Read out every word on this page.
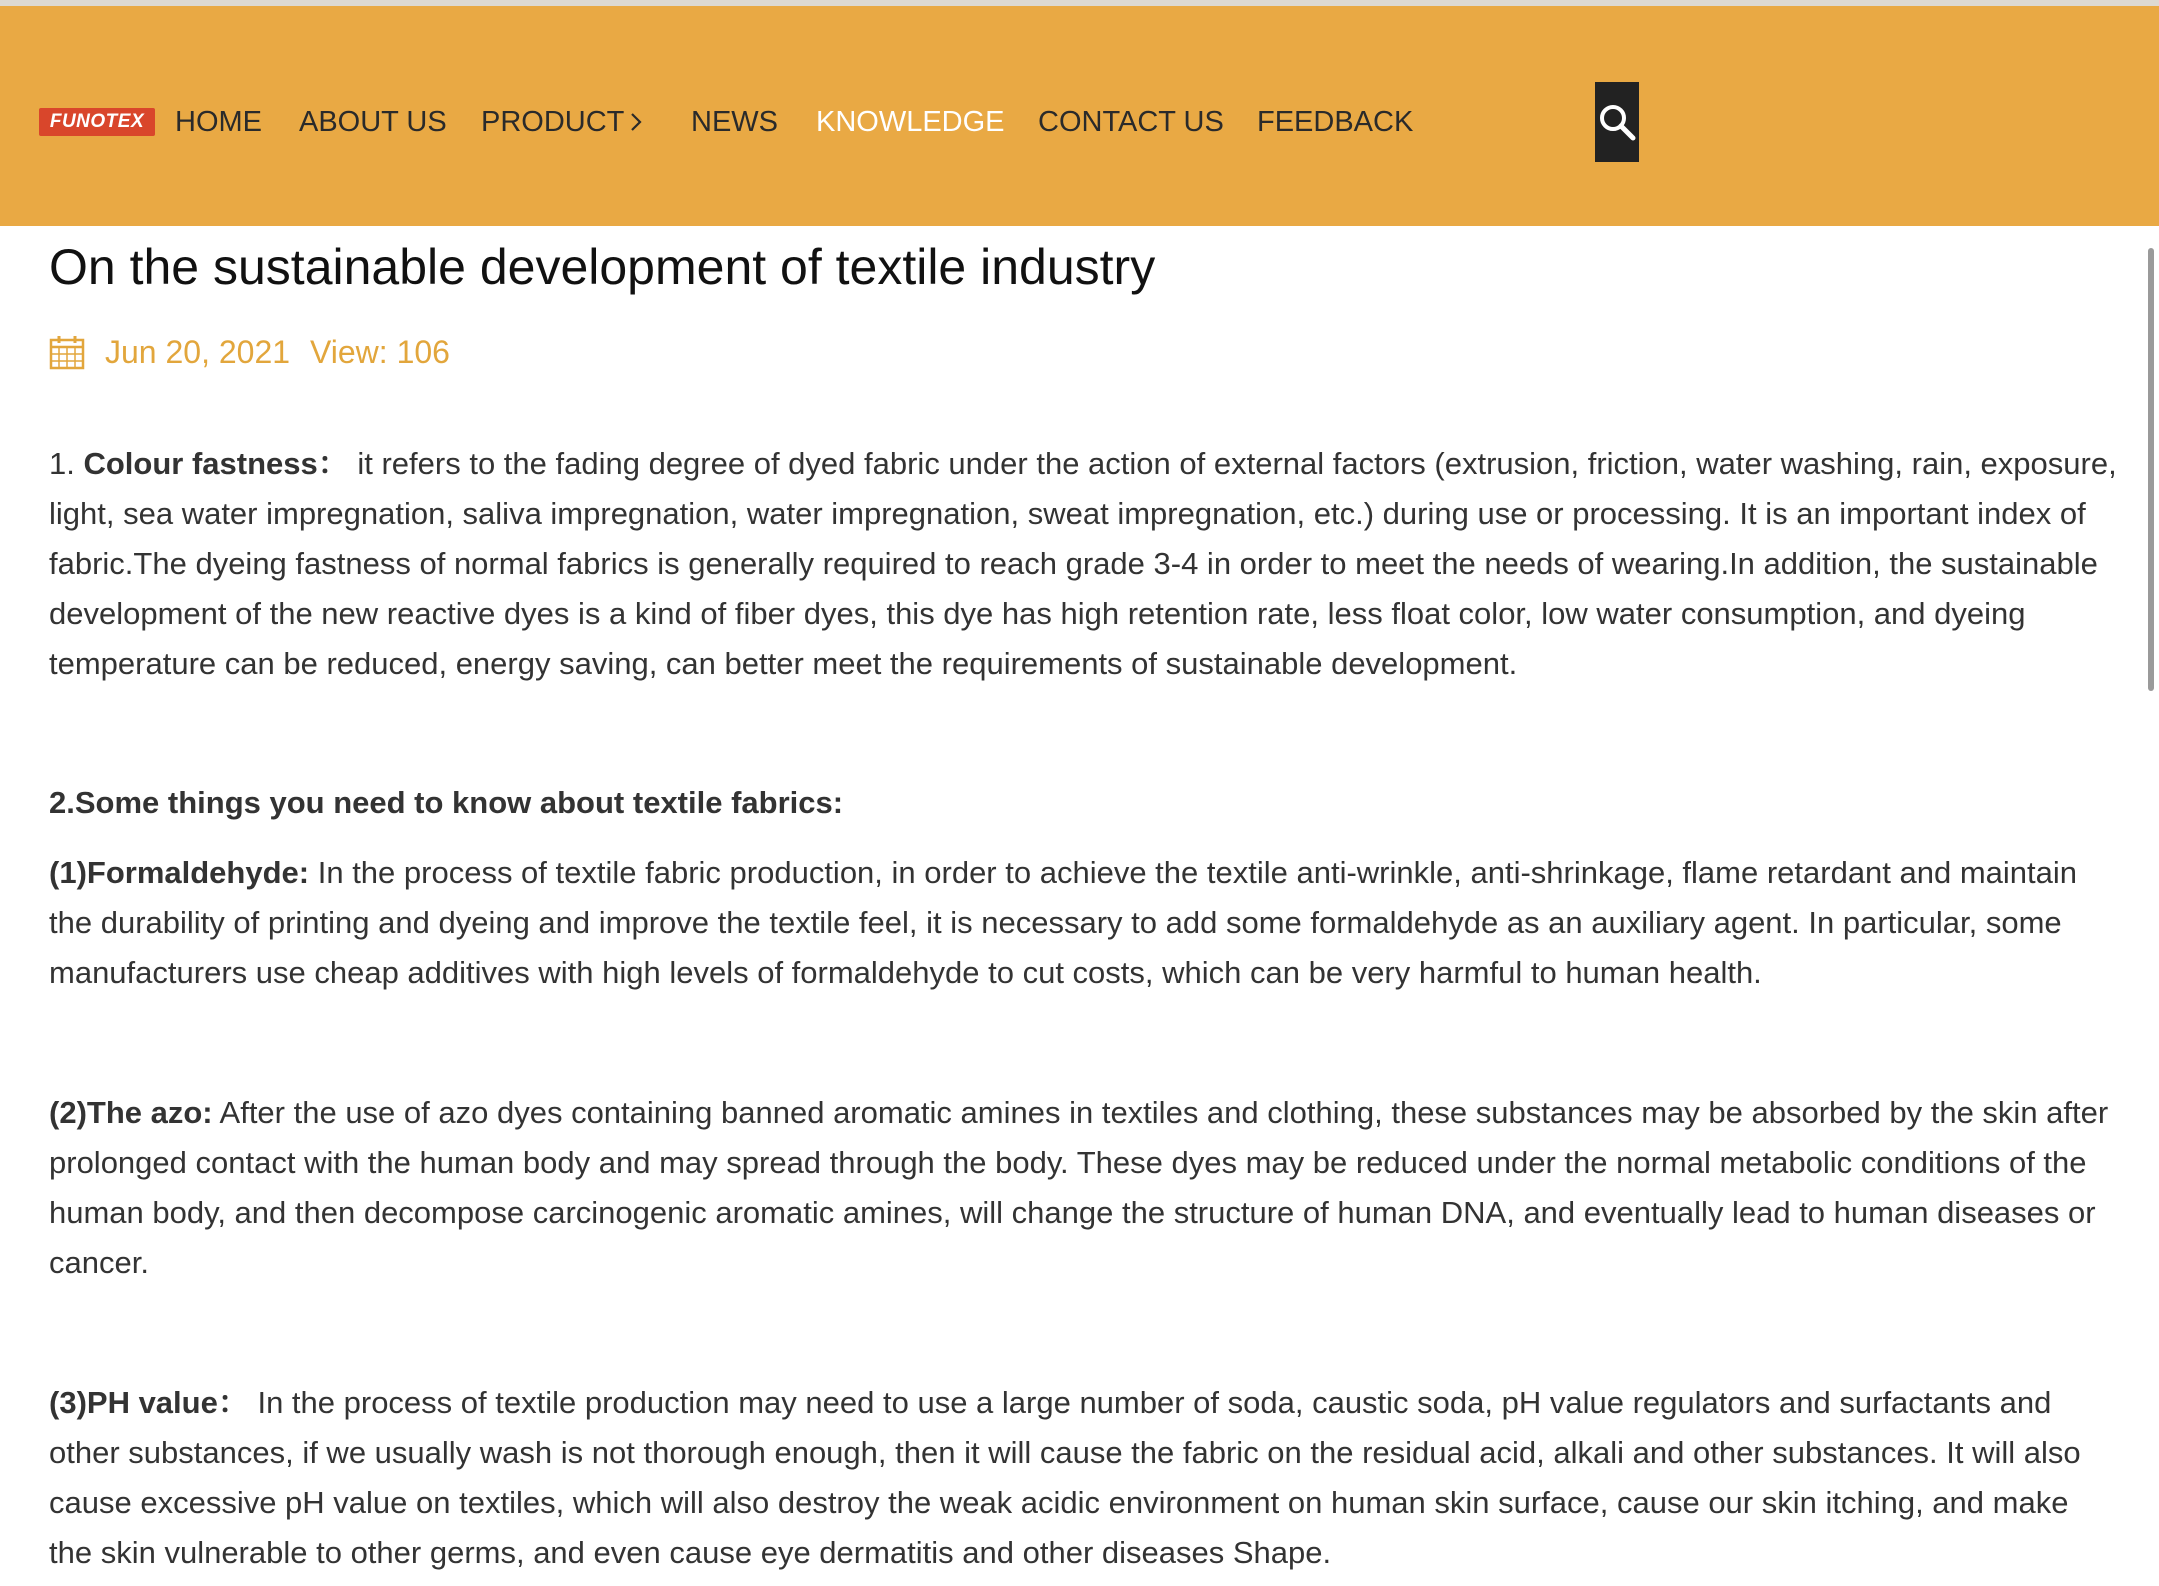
FUNOTEX	HOME ABOUT US PRODUCT NEWS KNOWLEDGE CONTACT US FEEDBACK
On the sustainable development of textile industry
Jun 20, 2021 View: 106

1. Colour fastness： it refers to the fading degree of dyed fabric under the action of external factors (extrusion, friction, water washing, rain, exposure, light, sea water impregnation, saliva impregnation, water impregnation, sweat impregnation, etc.) during use or processing. It is an important index of fabric.The dyeing fastness of normal fabrics is generally required to reach grade 3-4 in order to meet the needs of wearing.In addition, the sustainable development of the new reactive dyes is a kind of fiber dyes, this dye has high retention rate, less float color, low water consumption, and dyeing temperature can be reduced, energy saving, can better meet the requirements of sustainable development.

2.Some things you need to know about textile fabrics:

(1)Formaldehyde: In the process of textile fabric production, in order to achieve the textile anti-wrinkle, anti-shrinkage, flame retardant and maintain the durability of printing and dyeing and improve the textile feel, it is necessary to add some formaldehyde as an auxiliary agent. In particular, some manufacturers use cheap additives with high levels of formaldehyde to cut costs, which can be very harmful to human health.

(2)The azo: After the use of azo dyes containing banned aromatic amines in textiles and clothing, these substances may be absorbed by the skin after prolonged contact with the human body and may spread through the body. These dyes may be reduced under the normal metabolic conditions of the human body, and then decompose carcinogenic aromatic amines, will change the structure of human DNA, and eventually lead to human diseases or cancer.

(3)PH value： In the process of textile production may need to use a large number of soda, caustic soda, pH value regulators and surfactants and other substances, if we usually wash is not thorough enough, then it will cause the fabric on the residual acid, alkali and other substances. It will also cause excessive pH value on textiles, which will also destroy the weak acidic environment on human skin surface, cause our skin itching, and make the skin vulnerable to other germs, and even cause eye dermatitis and other diseases Shape.
